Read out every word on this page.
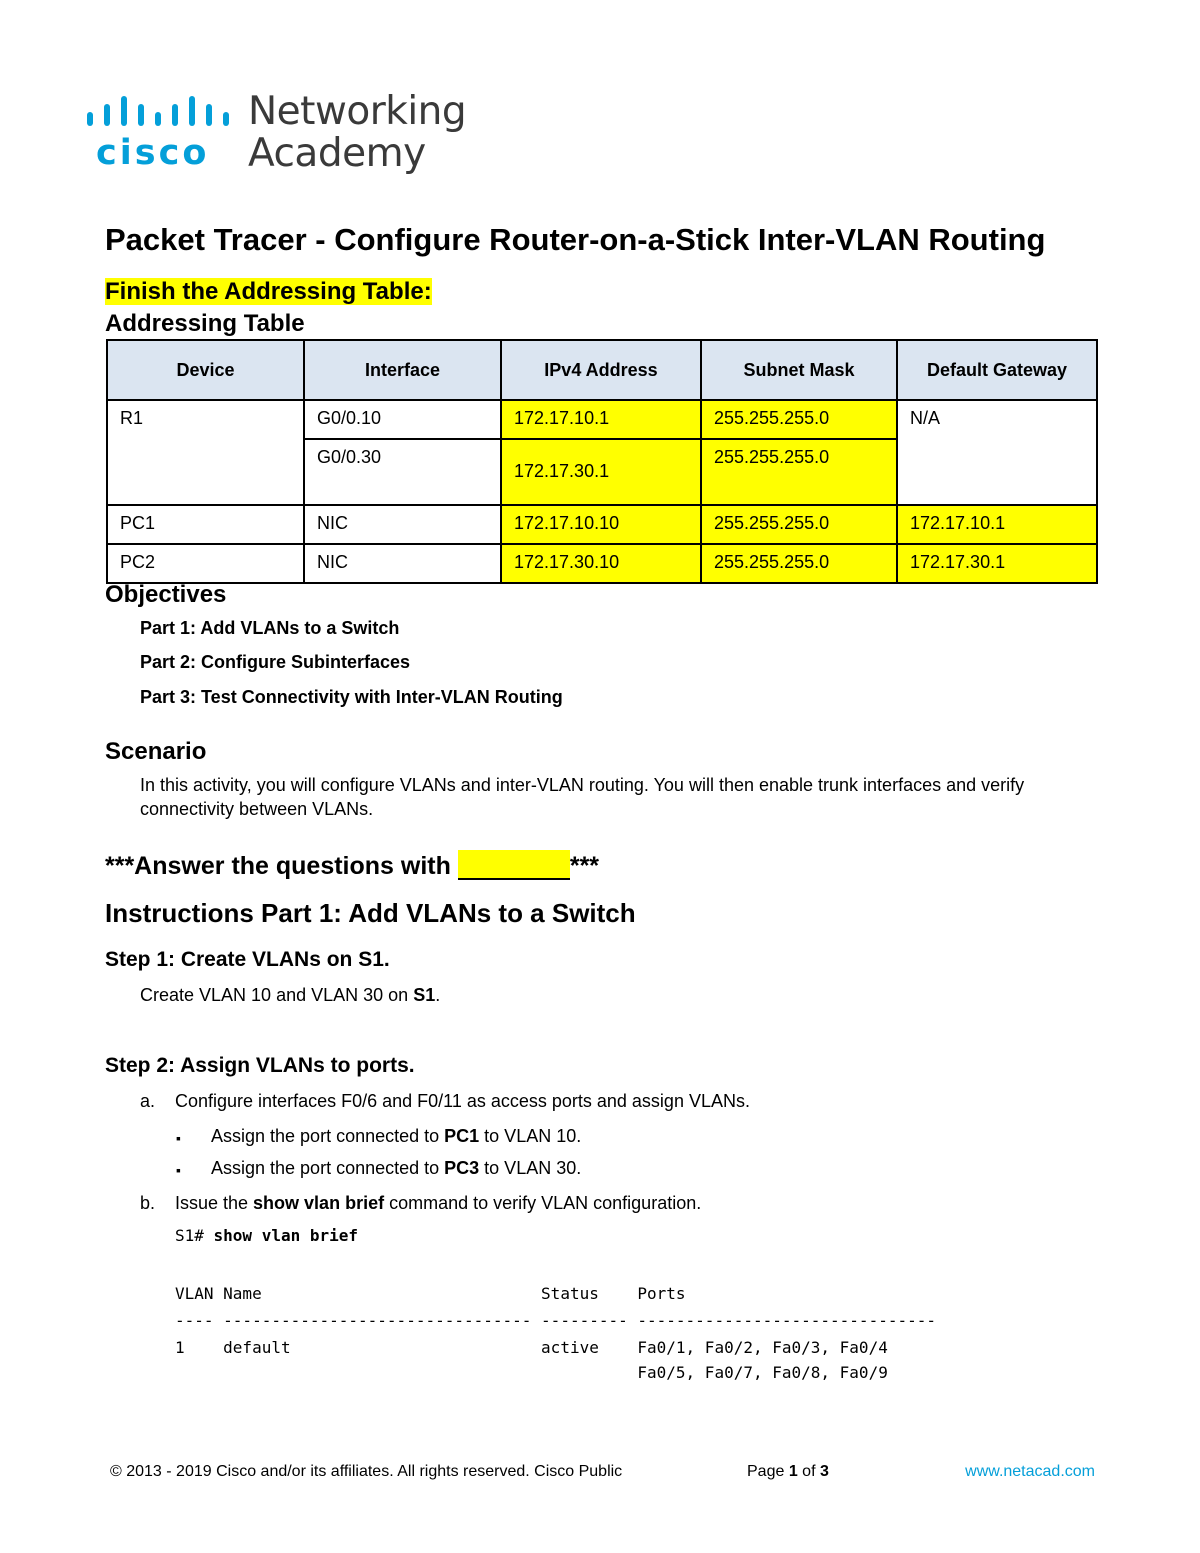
cisco
Networking
Academy
Packet Tracer - Configure Router-on-a-Stick Inter-VLAN Routing
Finish the Addressing Table:
Addressing Table
Device	Interface	IPv4 Address	Subnet Mask	Default Gateway
R1	G0/0.10	172.17.10.1	255.255.255.0	N/A
	G0/0.30	172.17.30.1	255.255.255.0	
PC1	NIC	172.17.10.10	255.255.255.0	172.17.10.1
PC2	NIC	172.17.30.10	255.255.255.0	172.17.30.1
Objectives
Part 1: Add VLANs to a Switch
Part 2: Configure Subinterfaces
Part 3: Test Connectivity with Inter-VLAN Routing
Scenario
In this activity, you will configure VLANs and inter-VLAN routing. You will then enable trunk interfaces and verify connectivity between VLANs.
***Answer the questions with	***
Instructions Part 1: Add VLANs to a Switch
Step 1: Create VLANs on S1.
Create VLAN 10 and VLAN 30 on S1.
Step 2: Assign VLANs to ports.
a. Configure interfaces F0/6 and F0/11 as access ports and assign VLANs.
▪ Assign the port connected to PC1 to VLAN 10.
▪ Assign the port connected to PC3 to VLAN 30.
b. Issue the show vlan brief command to verify VLAN configuration.
S1# show vlan brief
VLAN Name                             Status    Ports
---- -------------------------------- --------- -------------------------------
1    default                          active    Fa0/1, Fa0/2, Fa0/3, Fa0/4
Fa0/5, Fa0/7, Fa0/8, Fa0/9
© 2013 - 2019 Cisco and/or its affiliates. All rights reserved. Cisco Public	Page 1 of 3	www.netacad.com
